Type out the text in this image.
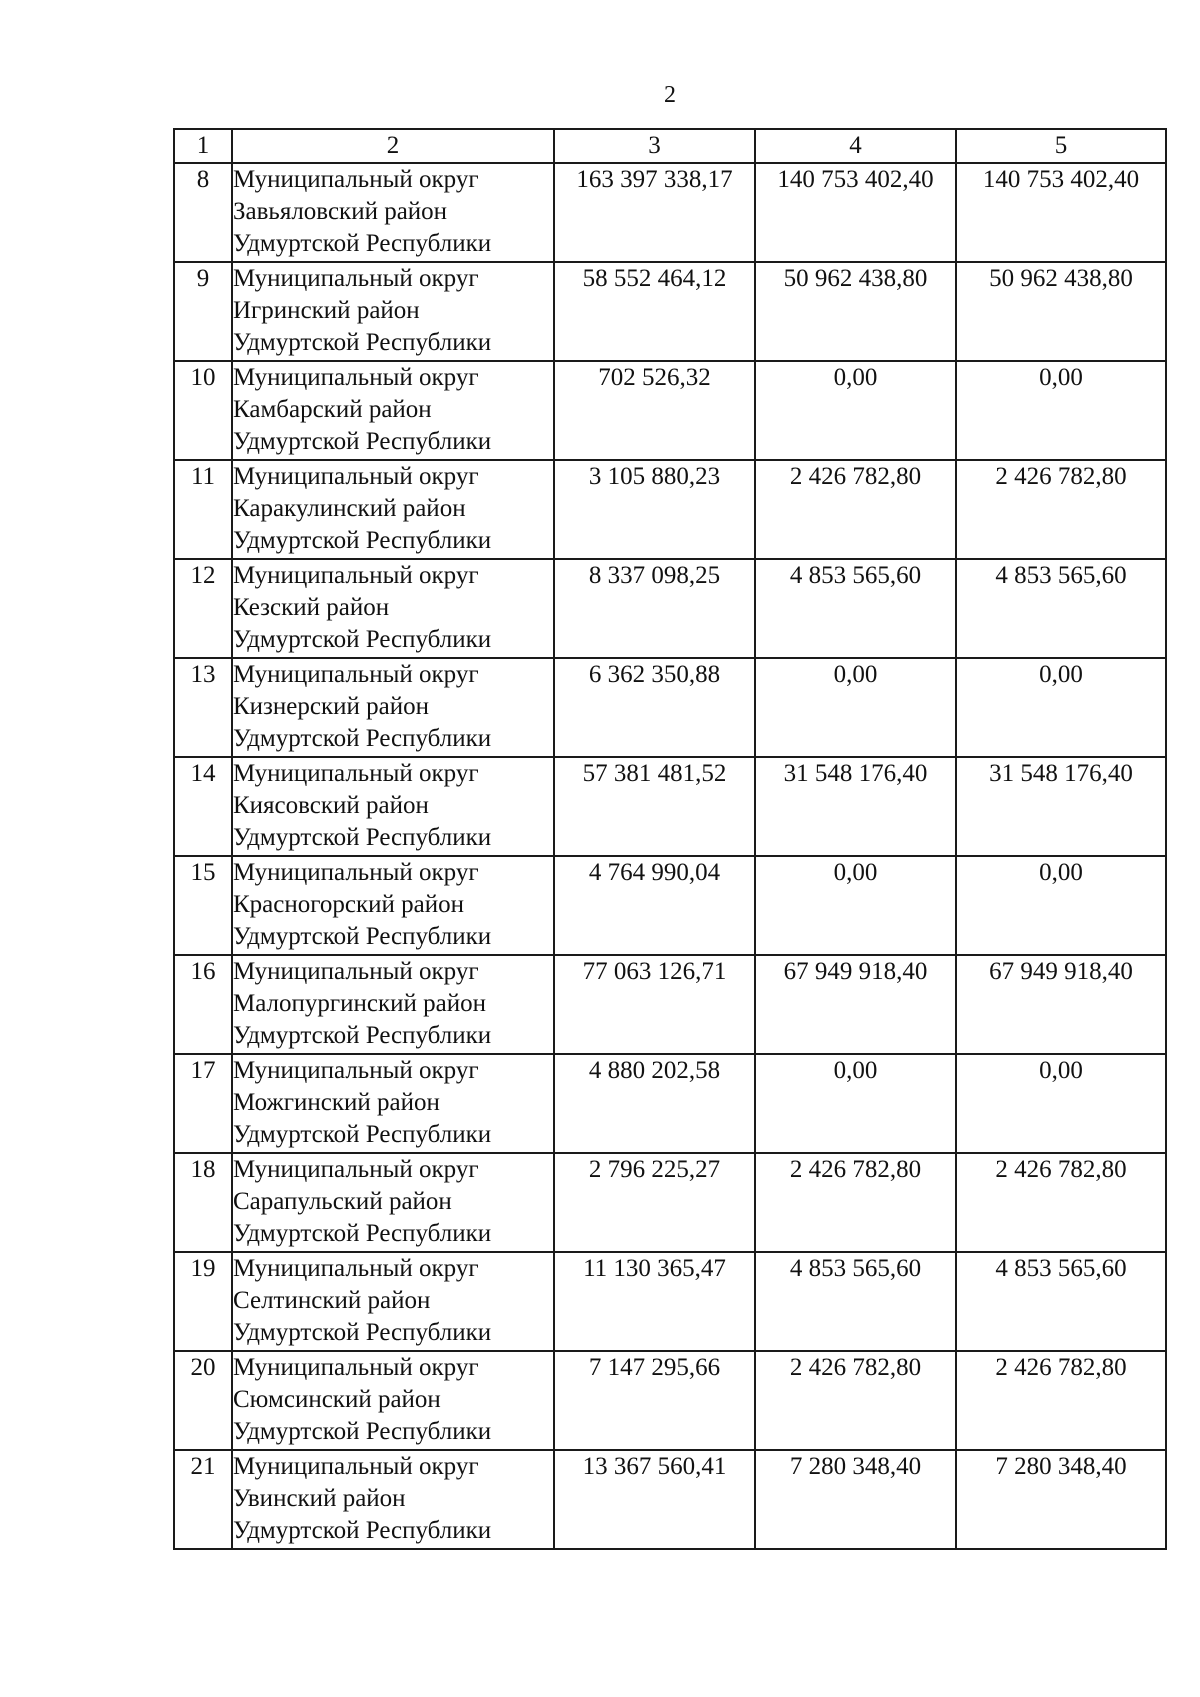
2
1	2	3	4	5
8	Муниципальный округ
Завьяловский район
Удмуртской Республики	163 397 338,17	140 753 402,40	140 753 402,40
9	Муниципальный округ
Игринский район
Удмуртской Республики	58 552 464,12	50 962 438,80	50 962 438,80
10	Муниципальный округ
Камбарский район
Удмуртской Республики	702 526,32	0,00	0,00
11	Муниципальный округ
Каракулинский район
Удмуртской Республики	3 105 880,23	2 426 782,80	2 426 782,80
12	Муниципальный округ
Кезский район
Удмуртской Республики	8 337 098,25	4 853 565,60	4 853 565,60
13	Муниципальный округ
Кизнерский район
Удмуртской Республики	6 362 350,88	0,00	0,00
14	Муниципальный округ
Киясовский район
Удмуртской Республики	57 381 481,52	31 548 176,40	31 548 176,40
15	Муниципальный округ
Красногорский район
Удмуртской Республики	4 764 990,04	0,00	0,00
16	Муниципальный округ
Малопургинский район
Удмуртской Республики	77 063 126,71	67 949 918,40	67 949 918,40
17	Муниципальный округ
Можгинский район
Удмуртской Республики	4 880 202,58	0,00	0,00
18	Муниципальный округ
Сарапульский район
Удмуртской Республики	2 796 225,27	2 426 782,80	2 426 782,80
19	Муниципальный округ
Селтинский район
Удмуртской Республики	11 130 365,47	4 853 565,60	4 853 565,60
20	Муниципальный округ
Сюмсинский район
Удмуртской Республики	7 147 295,66	2 426 782,80	2 426 782,80
21	Муниципальный округ
Увинский район
Удмуртской Республики	13 367 560,41	7 280 348,40	7 280 348,40
